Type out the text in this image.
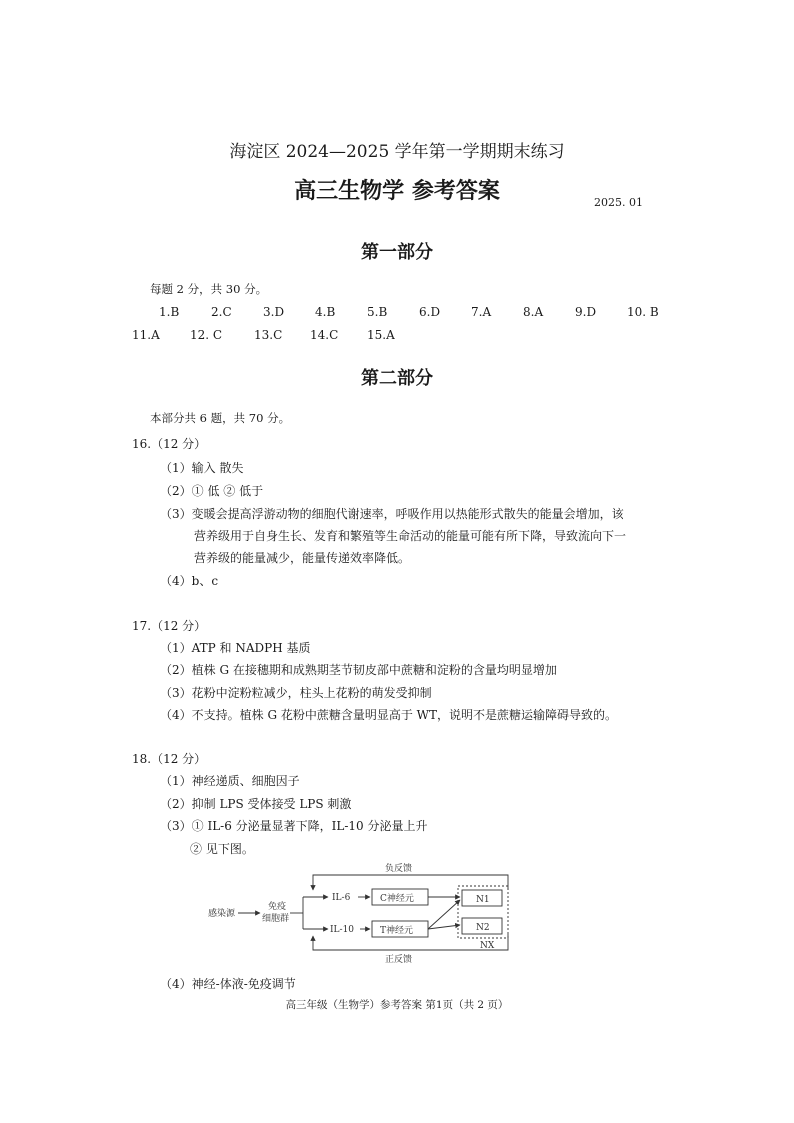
海淀区 2024—2025 学年第一学期期末练习
高三生物学 参考答案	2025. 01
第一部分
每题 2 分，共 30 分。
1.B	2.C	3.D	4.B	5.B	6.D	7.A	8.A	9.D	10. B
11.A	12. C	13.C	14.C	15.A
第二部分
本部分共 6 题，共 70 分。
16.（12 分）
（1）输入 散失
（2）① 低 ② 低于
（3）变暖会提高浮游动物的细胞代谢速率，呼吸作用以热能形式散失的能量会增加，该
营养级用于自身生长、发育和繁殖等生命活动的能量可能有所下降，导致流向下一
营养级的能量减少，能量传递效率降低。
（4）b、c
17.（12 分）
（1）ATP 和 NADPH 基质
（2）植株 G 在接穗期和成熟期茎节韧皮部中蔗糖和淀粉的含量均明显增加
（3）花粉中淀粉粒减少，柱头上花粉的萌发受抑制
（4）不支持。植株 G 花粉中蔗糖含量明显高于 WT，说明不是蔗糖运输障碍导致的。
18.（12 分）
（1）神经递质、细胞因子
（2）抑制 LPS 受体接受 LPS 刺激
（3）① IL-6 分泌量显著下降，IL-10 分泌量上升
② 见下图。
负反馈
正反馈
感染源
免疫
细胞群
IL-6
IL-10
C神经元
T神经元
N1
N2
NX
（4）神经-体液-免疫调节
高三年级（生物学）参考答案 第1页（共 2 页）
